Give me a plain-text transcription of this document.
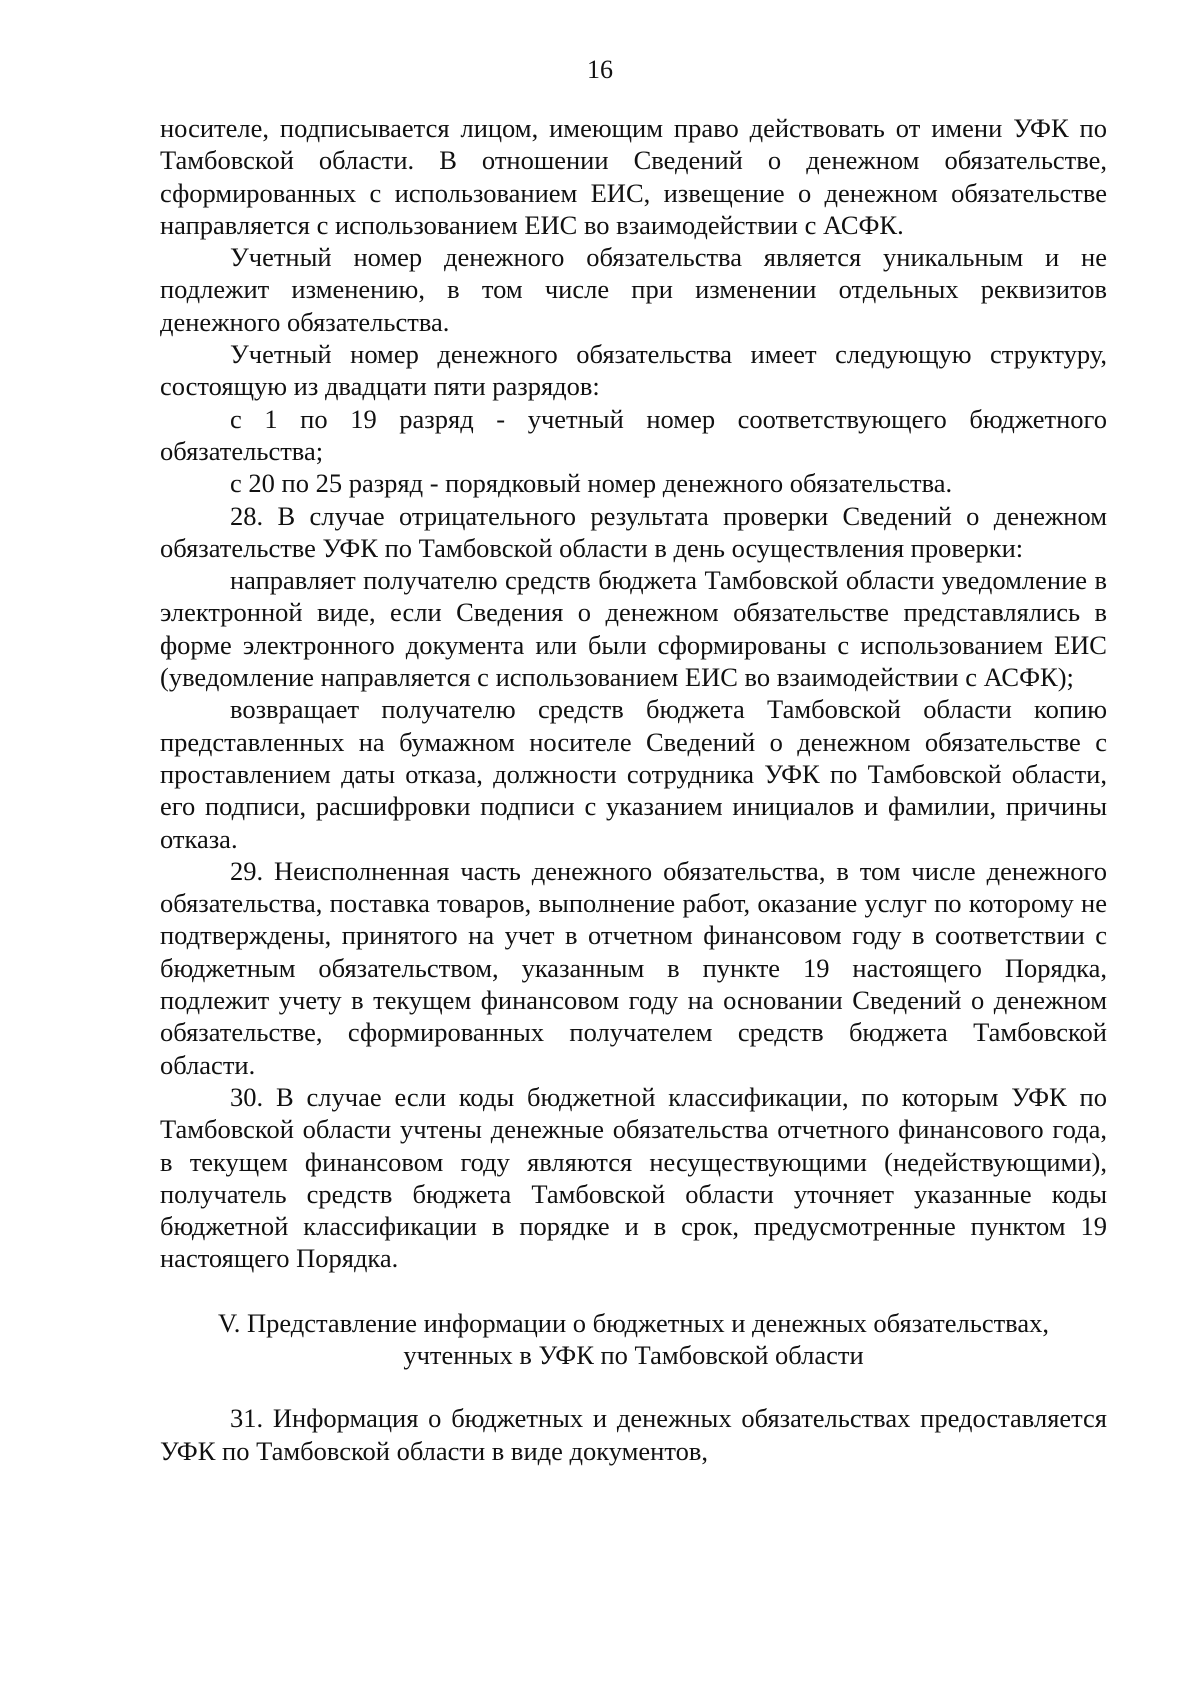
16

носителе, подписывается лицом, имеющим право действовать от имени УФК по Тамбовской области. В отношении Сведений о денежном обязательстве, сформированных с использованием ЕИС, извещение о денежном обязательстве направляется с использованием ЕИС во взаимодействии с АСФК.

Учетный номер денежного обязательства является уникальным и не подлежит изменению, в том числе при изменении отдельных реквизитов денежного обязательства.

Учетный номер денежного обязательства имеет следующую структуру, состоящую из двадцати пяти разрядов:

с 1 по 19 разряд - учетный номер соответствующего бюджетного обязательства;

с 20 по 25 разряд - порядковый номер денежного обязательства.

28. В случае отрицательного результата проверки Сведений о денежном обязательстве УФК по Тамбовской области в день осуществления проверки:

направляет получателю средств бюджета Тамбовской области уведомление в электронной виде, если Сведения о денежном обязательстве представлялись в форме электронного документа или были сформированы с использованием ЕИС (уведомление направляется с использованием ЕИС во взаимодействии с АСФК);

возвращает получателю средств бюджета Тамбовской области копию представленных на бумажном носителе Сведений о денежном обязательстве с проставлением даты отказа, должности сотрудника УФК по Тамбовской области, его подписи, расшифровки подписи с указанием инициалов и фамилии, причины отказа.

29. Неисполненная часть денежного обязательства, в том числе денежного обязательства, поставка товаров, выполнение работ, оказание услуг по которому не подтверждены, принятого на учет в отчетном финансовом году в соответствии с бюджетным обязательством, указанным в пункте 19 настоящего Порядка, подлежит учету в текущем финансовом году на основании Сведений о денежном обязательстве, сформированных получателем средств бюджета Тамбовской области.

30. В случае если коды бюджетной классификации, по которым УФК по Тамбовской области учтены денежные обязательства отчетного финансового года, в текущем финансовом году являются несуществующими (недействующими), получатель средств бюджета Тамбовской области уточняет указанные коды бюджетной классификации в порядке и в срок, предусмотренные пунктом 19 настоящего Порядка.

V. Представление информации о бюджетных и денежных обязательствах,
учтенных в УФК по Тамбовской области

31. Информация о бюджетных и денежных обязательствах предоставляется УФК по Тамбовской области в виде документов,
